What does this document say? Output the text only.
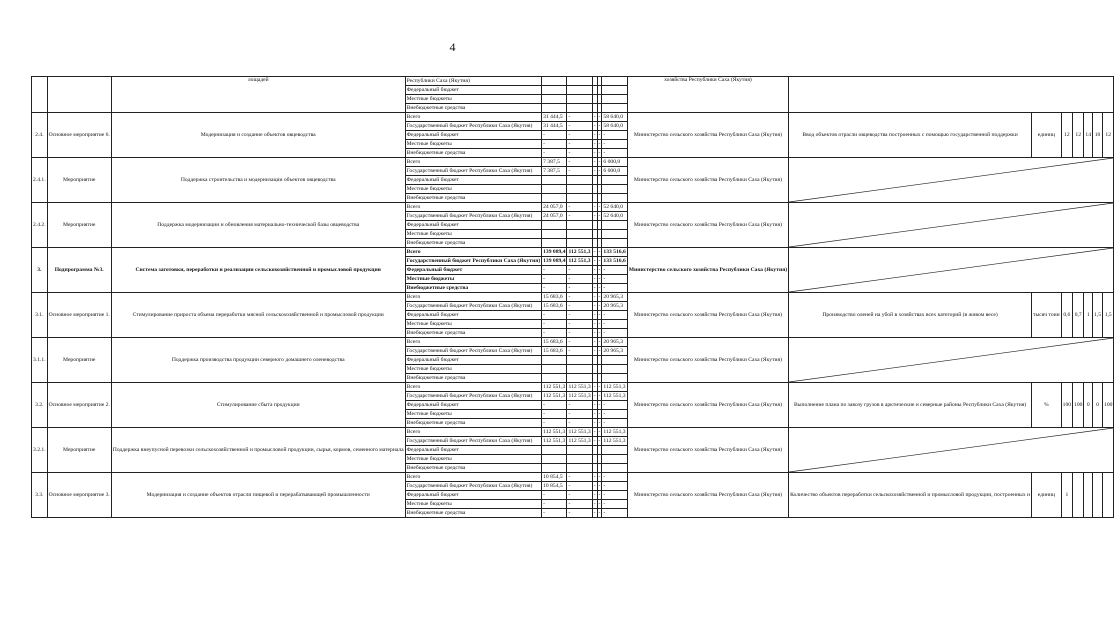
4
		лощадей	Республики Саха (Якутия)						хозяйства Республики Саха (Якутия)							
			Федеральный бюджет													
			Местные бюджеты													
			Внебюджетные средства													
2.4.	Основное мероприятие 6.	Модернизация и создание объектов овцеводства	Всего	31 444,5	-	-	-	58 640,0	Министерство сельского хозяйства Республики Саха (Якутия)	Ввод объектов отрасли овцеводства построенных с помощью государственной поддержки	единиц	12	12	14	10	12
			Государственный бюджет Республики Саха (Якутия)	31 444,5	-	-	-	58 640,0								
			Федеральный бюджет	-	-	-	-	-								
			Местные бюджеты	-	-	-	-	-								
			Внебюджетные средства	-	-	-	-	-								
2.4.1.	Мероприятие	Поддержка строительства и модернизации объектов овцеводства	Всего	7 387,5	-	-	-	6 000,0	Министерство сельского хозяйства Республики Саха (Якутия)	

			Государственный бюджет Республики Саха (Якутия)	7 387,5	-	-	-	6 000,0								
			Федеральный бюджет													
			Местные бюджеты													
			Внебюджетные средства													
2.4.2.	Мероприятие	Поддержка модернизации и обновления материально-технической базы овцеводства	Всего	24 057,0	-	-	-	52 640,0	Министерство сельского хозяйства Республики Саха (Якутия)	

			Государственный бюджет Республики Саха (Якутия)	24 057,0	-	-	-	52 640,0								
			Федеральный бюджет													
			Местные бюджеты													
			Внебюджетные средства													
3.	Подпрограмма №3.	Система заготовки, переработки и реализации сельскохозяйственной и промысловой продукции	Всего	139 089,4	112 551,3	-	-	133 516,6	Министерство сельского хозяйства Республики Саха (Якутия)	

			Государственный бюджет Республики Саха (Якутия)	139 089,4	112 551,3	-	-	133 516,6								
			Федеральный бюджет	-	-	-	-	-								
			Местные бюджеты	-	-	-	-	-								
			Внебюджетные средства	-	-	-	-	-								
3.1.	Основное мероприятие 1.	Стимулирование прироста объема переработки мясной сельскохозяйственной и промысловой продукции	Всего	15 683,6	-	-	-	20 965,3	Министерство сельского хозяйства Республики Саха (Якутия)	Производство оленей на убой в хозяйствах всех категорий (в живом весе)	тысяч тонн	0,6	0,7	1	1,5	1,5
			Государственный бюджет Республики Саха (Якутия)	15 683,6	-	-	-	20 965,3								
			Федеральный бюджет	-	-	-	-	-								
			Местные бюджеты	-	-	-	-	-								
			Внебюджетные средства	-	-	-	-	-								
3.1.1.	Мероприятие	Поддержка производства продукции северного домашнего оленеводства	Всего	15 683,6	-	-	-	20 965,3	Министерство сельского хозяйства Республики Саха (Якутия)	

			Государственный бюджет Республики Саха (Якутия)	15 683,6	-	-	-	20 965,3								
			Федеральный бюджет													
			Местные бюджеты													
			Внебюджетные средства													
3.2.	Основное мероприятие 2.	Стимулирование сбыта продукции	Всего	112 551,3	112 551,3	-	-	112 551,3	Министерство сельского хозяйства Республики Саха (Якутия)	Выполнение плана по завозу грузов в арктические и северные районы Республики Саха (Якутия)	%	100	100	0	0	100
			Государственный бюджет Республики Саха (Якутия)	112 551,3	112 551,3	-	-	112 551,3								
			Федеральный бюджет	-	-	-	-	-								
			Местные бюджеты	-	-	-	-	-								
			Внебюджетные средства	-	-	-	-	-								
3.2.1.	Мероприятие	Поддержка внеупусной перевозки сельскохозяйственной и промысловой продукции, сырья, кормов, семенного материала	Всего	112 551,3	112 551,3	-	-	112 551,3	Министерство сельского хозяйства Республики Саха (Якутия)	

			Государственный бюджет Республики Саха (Якутия)	112 551,3	112 551,3	-	-	112 551,3								
			Федеральный бюджет													
			Местные бюджеты													
			Внебюджетные средства													
3.3.	Основное мероприятие 3.	Модернизация и создание объектов отрасли пищевой и перерабатывающей промышленности	Всего	10 854,5	-	-	-	-	Министерство сельского хозяйства Республики Саха (Якутия)	Количество объектов переработки сельскохозяйственной и промысловой продукции, построенных и	единиц	1				
			Государственный бюджет Республики Саха (Якутия)	10 854,5	-	-	-	-								
			Федеральный бюджет	-	-	-	-	-								
			Местные бюджеты	-	-	-	-	-								
			Внебюджетные средства	-	-	-	-	-								
